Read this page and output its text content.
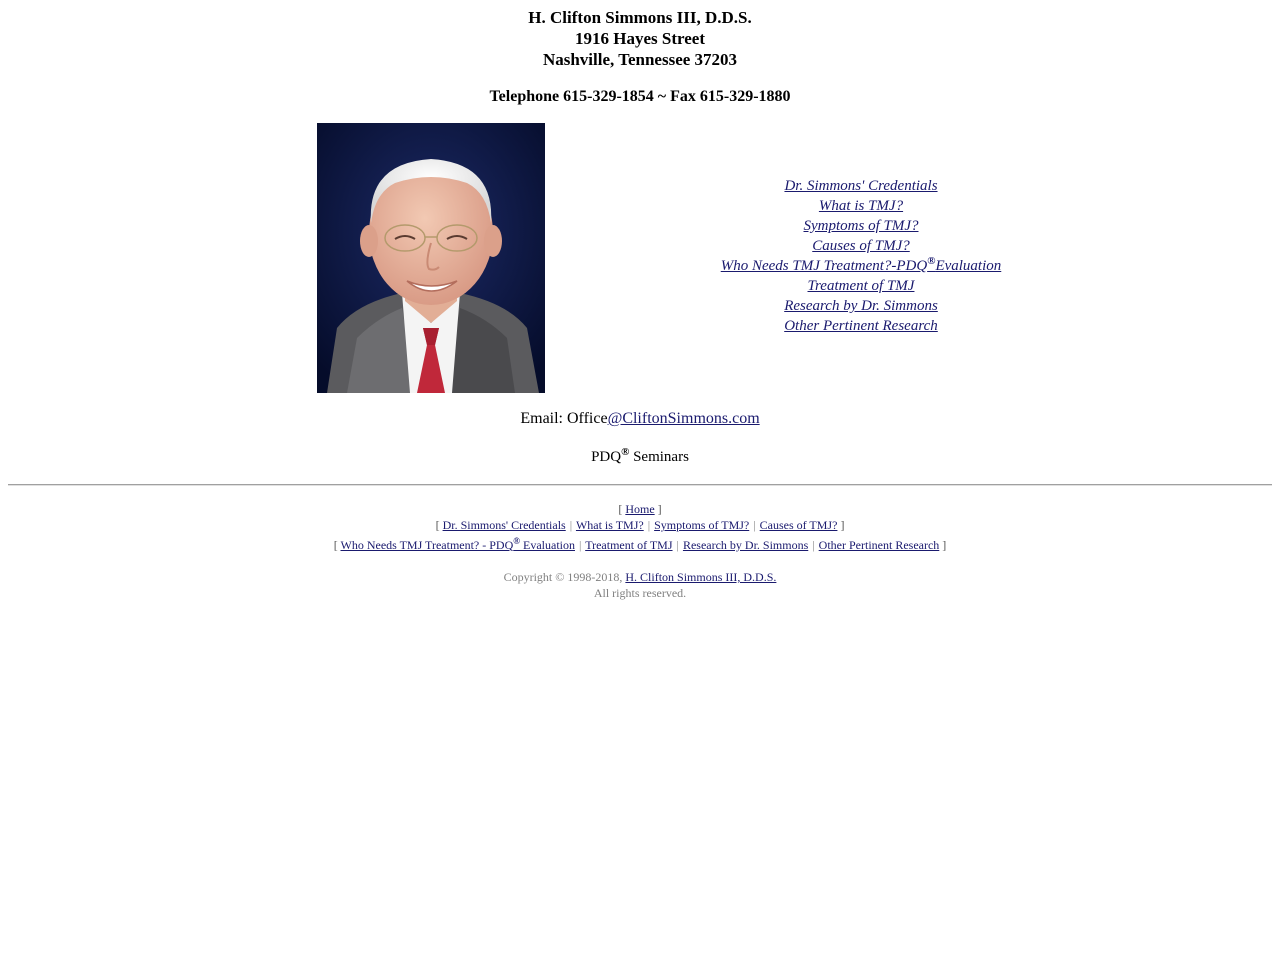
H. Clifton Simmons III, D.D.S.
1916 Hayes Street
Nashville, Tennessee 37203
Telephone 615-329-1854 ~ Fax 615-329-1880
Dr. Simmons' Credentials
What is TMJ?
Symptoms of TMJ?
Causes of TMJ?
Who Needs TMJ Treatment?-PDQ®Evaluation
Treatment of TMJ
Research by Dr. Simmons
Other Pertinent Research
Email: Office@CliftonSimmons.com
PDQ® Seminars
[ Home ]
[ Dr. Simmons' Credentials | What is TMJ? | Symptoms of TMJ? | Causes of TMJ? ]
[ Who Needs TMJ Treatment? - PDQ® Evaluation | Treatment of TMJ | Research by Dr. Simmons | Other Pertinent Research ]
Copyright © 1998-2018, H. Clifton Simmons III, D.D.S.
All rights reserved.
